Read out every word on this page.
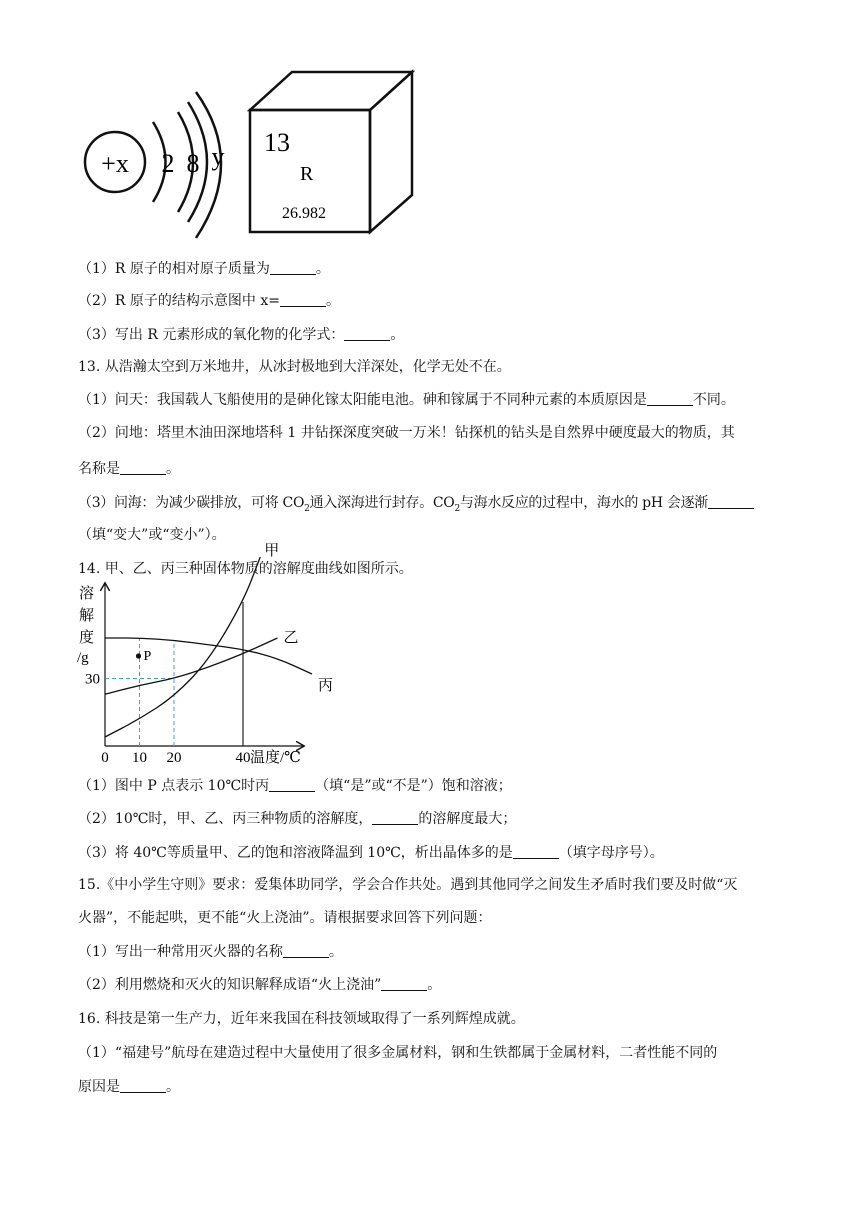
+x 2 8 y 13
R
26.982
（1）R 原子的相对原子质量为	。
（2）R 原子的结构示意图中 x=	。
（3）写出 R 元素形成的氧化物的化学式：	。
13. 从浩瀚太空到万米地井，从冰封极地到大洋深处，化学无处不在。
（1）问天：我国载人飞船使用的是砷化镓太阳能电池。砷和镓属于不同种元素的本质原因是	不同。
（2）问地：塔里木油田深地塔科 1 井钻探深度突破一万米！钻探机的钻头是自然界中硬度最大的物质，其
名称是	。
（3）问海：为减少碳排放，可将 $CO_2$通入深海进行封存。$CO_2$与海水反应的过程中，海水的 pH 会逐渐
（填“变大”或“变小”）。
14. 甲、乙、丙三种固体物质的溶解度曲线如图所示。
溶
解
度
/g
甲
乙
丙
0 10 20	40
30
P
温度/℃
（1）图中 P 点表示 10℃时丙	（填“是”或“不是”）饱和溶液；
（2）10℃时，甲、乙、丙三种物质的溶解度，	的溶解度最大；
（3）将 40℃等质量甲、乙的饱和溶液降温到 10℃，析出晶体多的是	（填字母序号）。
15.《中小学生守则》要求：爱集体助同学，学会合作共处。遇到其他同学之间发生矛盾时我们要及时做“灭
火器”，不能起哄，更不能“火上浇油”。请根据要求回答下列问题：
（1）写出一种常用灭火器的名称	。
（2）利用燃烧和灭火的知识解释成语“火上浇油”	。
16. 科技是第一生产力，近年来我国在科技领域取得了一系列辉煌成就。
（1）“福建号”航母在建造过程中大量使用了很多金属材料，钢和生铁都属于金属材料，二者性能不同的
原因是	。
